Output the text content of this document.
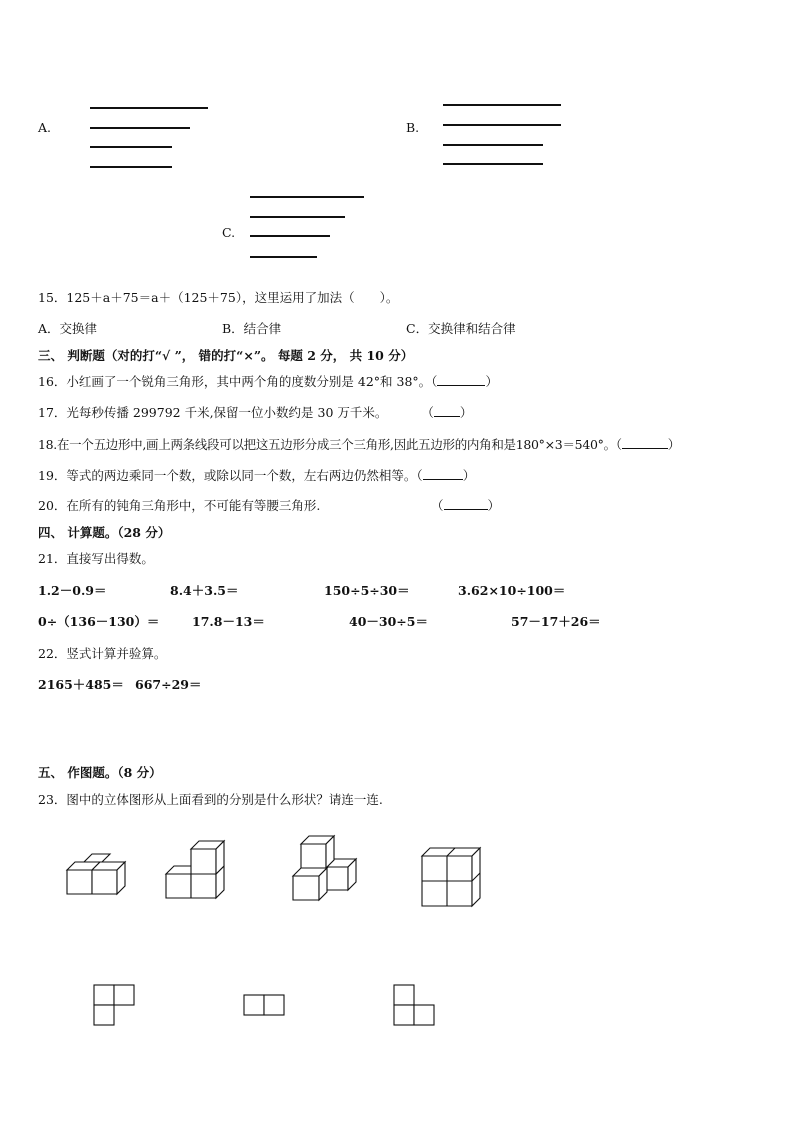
A.	B.
C.
15．125＋a＋75＝a＋（125＋75），这里运用了加法（　　）。
A．交换律	B．结合律	C．交换律和结合律
三、 判断题（对的打“√ ”， 错的打“×”。 每题 2 分， 共 10 分）
16．小红画了一个锐角三角形，其中两个角的度数分别是 42°和 38°。（	）
17．光每秒传播 299792 千米,保留一位小数约是 30 万千米。	（ ）
18.在一个五边形中,画上两条线段可以把这五边形分成三个三角形,因此五边形的内角和是180°×3＝540°。（	）
19．等式的两边乘同一个数，或除以同一个数，左右两边仍然相等。（	）
20．在所有的钝角三角形中，不可能有等腰三角形.	（	）
四、 计算题。（28 分）
21．直接写出得数。
1.2－0.9＝	8.4＋3.5＝	150÷5÷30＝	3.62×10÷100＝
0÷（136－130）＝	17.8－13＝	40－30÷5＝	57－17＋26＝
22．竖式计算并验算。
2165＋485＝ 667÷29＝
五、 作图题。（8 分）
23．图中的立体图形从上面看到的分别是什么形状？请连一连.
